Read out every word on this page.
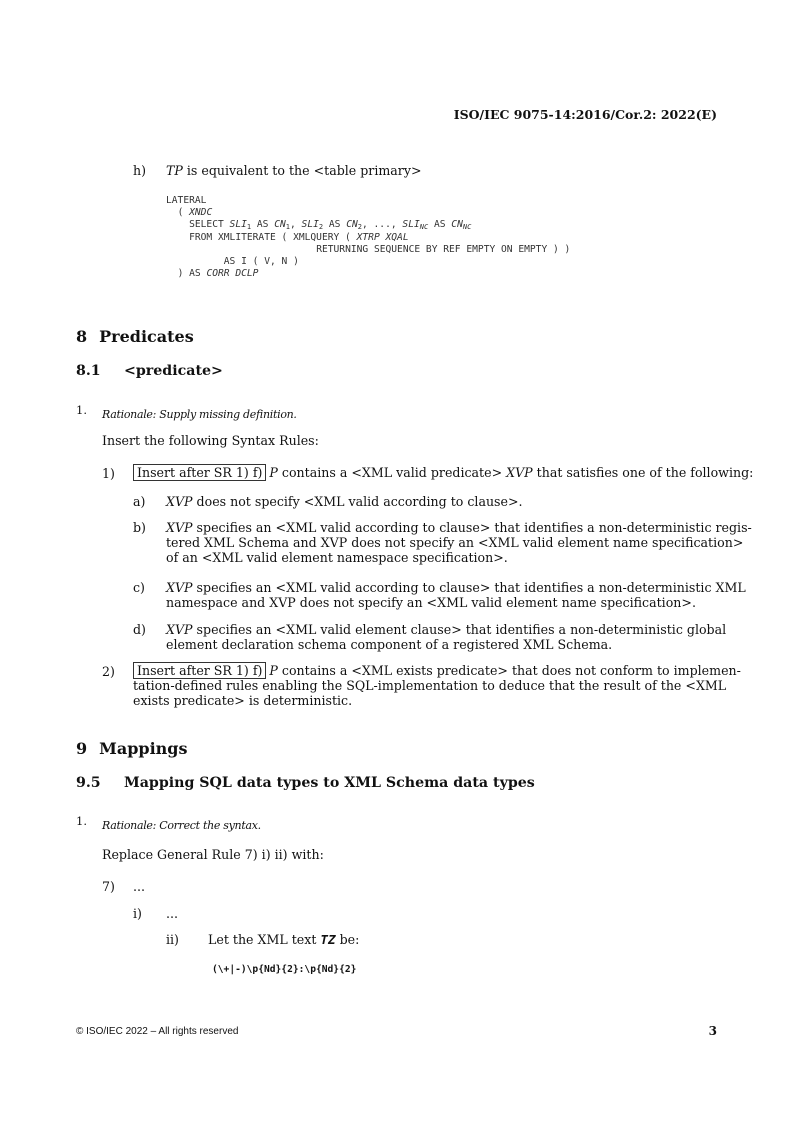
ISO/IEC 9075-14:2016/Cor.2: 2022(E)
h) TP is equivalent to the <table primary>
LATERAL
( XNDC
SELECT $SLI_1$ AS $CN_1$, $SLI_2$ AS $CN_2$, ..., $SLI_{NC}$ AS $CN_{NC}$
FROM XMLITERATE ( XMLQUERY ( XTRP XQAL
RETURNING SEQUENCE BY REF EMPTY ON EMPTY ) )
AS I ( V, N )
) AS CORR DCLP
8 Predicates
8.1 <predicate>
1. Rationale: Supply missing definition.
Insert the following Syntax Rules:
1)	Insert after SR 1) f) P contains a <XML valid predicate> XVP that satisfies one of the following:
a) XVP does not specify <XML valid according to clause>.
b) XVP specifies an <XML valid according to clause> that identifies a non-deterministic regis-
tered XML Schema and XVP does not specify an <XML valid element name specification>
of an <XML valid element namespace specification>.
c) XVP specifies an <XML valid according to clause> that identifies a non-deterministic XML
namespace and XVP does not specify an <XML valid element name specification>.
d) XVP specifies an <XML valid element clause> that identifies a non-deterministic global
element declaration schema component of a registered XML Schema.
2)	Insert after SR 1) f) P contains a <XML exists predicate> that does not conform to implemen-
tation-defined rules enabling the SQL-implementation to deduce that the result of the <XML
exists predicate> is deterministic.
9 Mappings
9.5 Mapping SQL data types to XML Schema data types
1. Rationale: Correct the syntax.
Replace General Rule 7) i) ii) with:
7) ...
i) ...
ii) Let the XML text TZ be:
(\+|-)\p{Nd}{2}:\p{Nd}{2}
© ISO/IEC 2022 – All rights reserved	3
